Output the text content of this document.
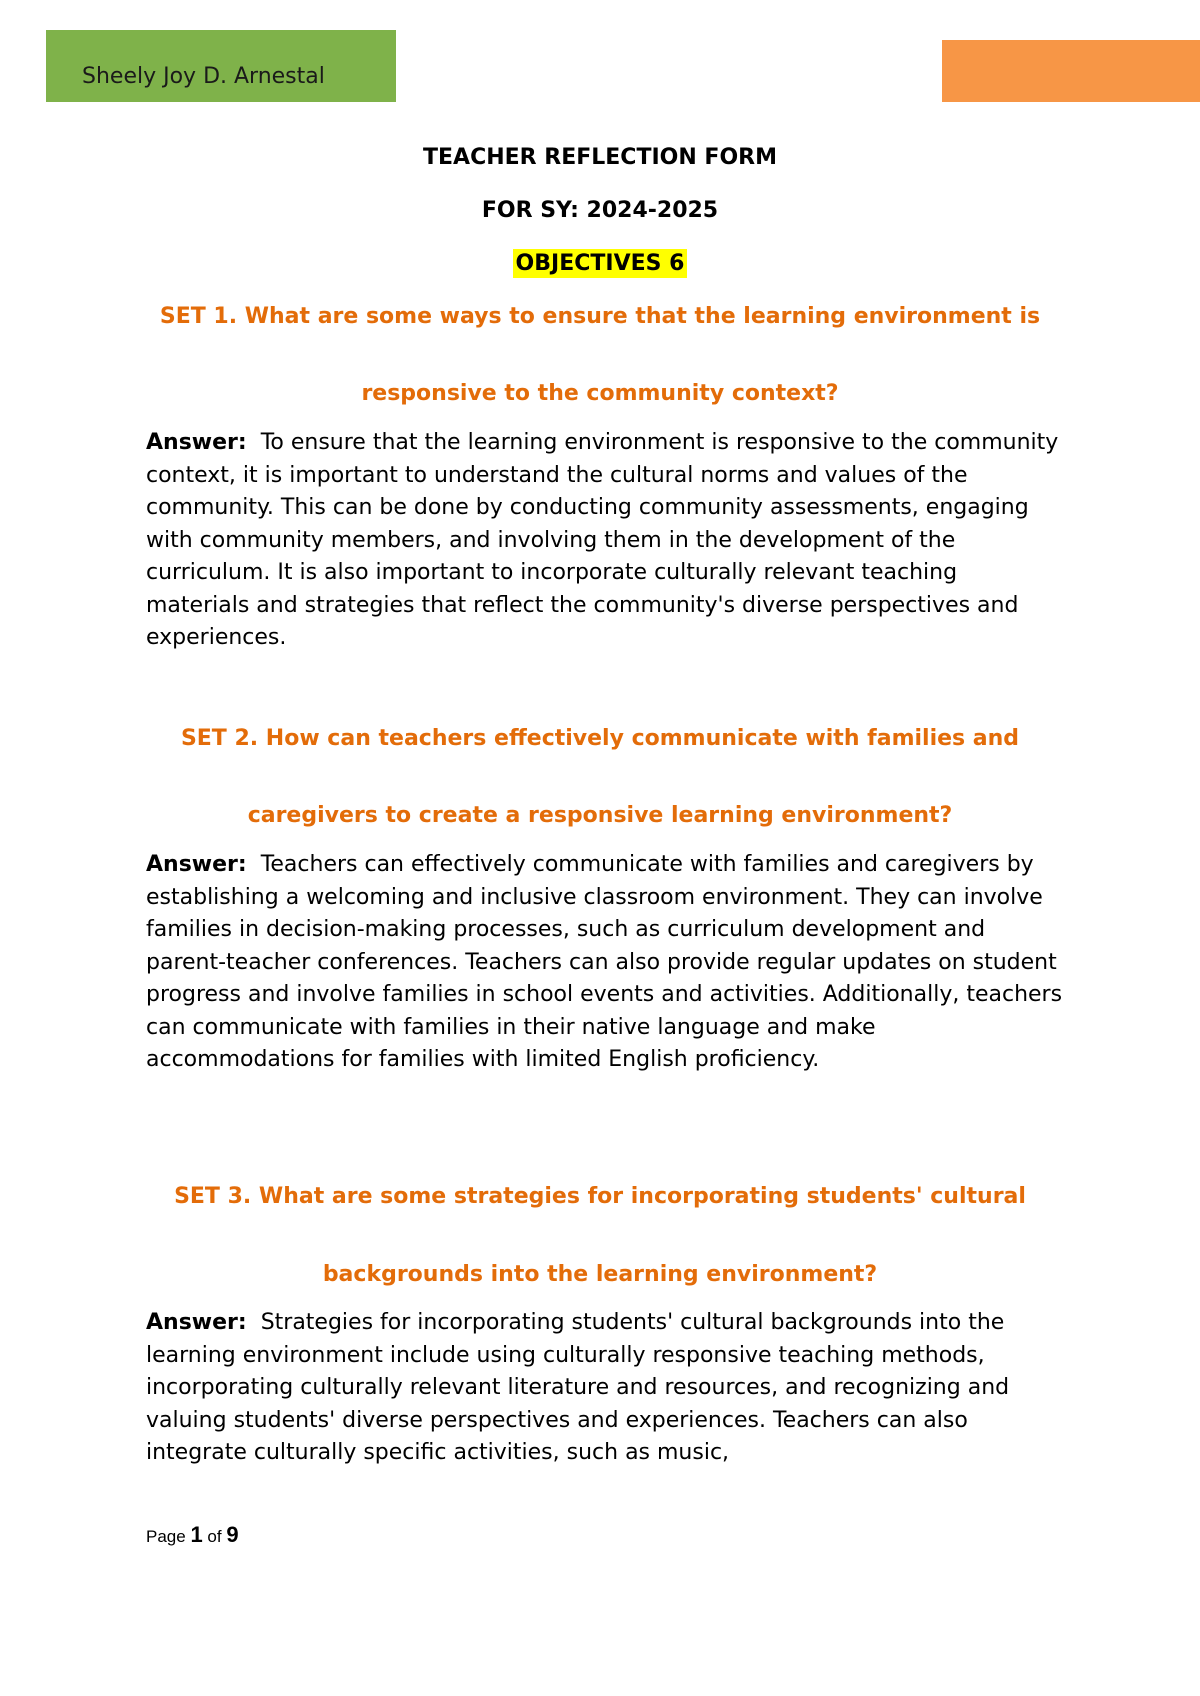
Sheely Joy D. Arnestal
TEACHER REFLECTION FORM
FOR SY: 2024-2025
OBJECTIVES 6
SET 1. What are some ways to ensure that the learning environment is
responsive to the community context?
Answer: To ensure that the learning environment is responsive to the community context, it is important to understand the cultural norms and values of the community. This can be done by conducting community assessments, engaging with community members, and involving them in the development of the curriculum. It is also important to incorporate culturally relevant teaching materials and strategies that reflect the community's diverse perspectives and experiences.
SET 2. How can teachers effectively communicate with families and
caregivers to create a responsive learning environment?
Answer: Teachers can effectively communicate with families and caregivers by establishing a welcoming and inclusive classroom environment. They can involve families in decision-making processes, such as curriculum development and parent-teacher conferences. Teachers can also provide regular updates on student progress and involve families in school events and activities. Additionally, teachers can communicate with families in their native language and make accommodations for families with limited English proficiency.
SET 3. What are some strategies for incorporating students' cultural
backgrounds into the learning environment?
Answer: Strategies for incorporating students' cultural backgrounds into the learning environment include using culturally responsive teaching methods, incorporating culturally relevant literature and resources, and recognizing and valuing students' diverse perspectives and experiences. Teachers can also integrate culturally specific activities, such as music,
Page 1 of 9
